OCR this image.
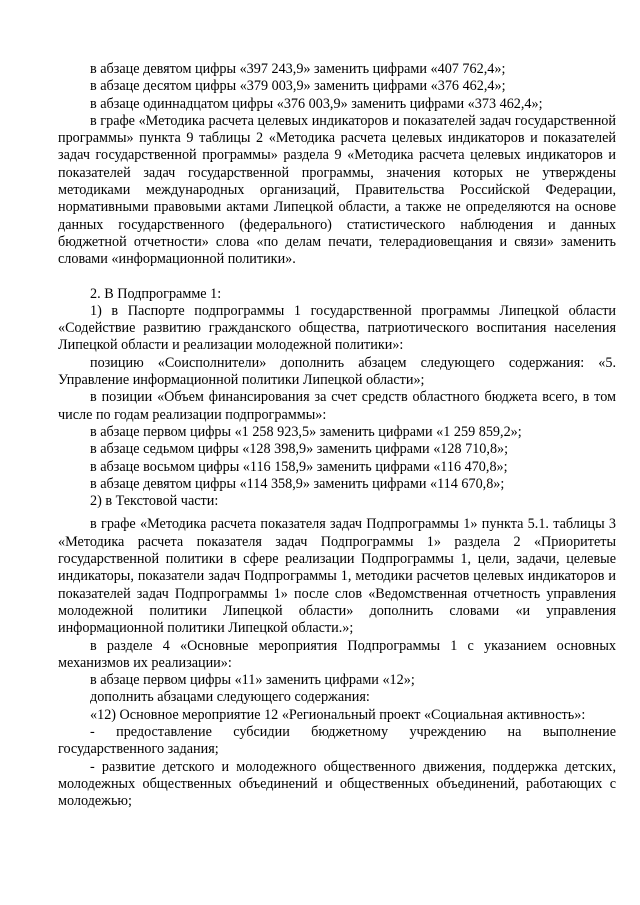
в абзаце девятом цифры «397 243,9» заменить цифрами «407 762,4»;
в абзаце десятом цифры «379 003,9» заменить цифрами «376 462,4»;
в абзаце одиннадцатом цифры «376 003,9» заменить цифрами «373 462,4»;
в графе «Методика расчета целевых индикаторов и показателей задач государственной программы» пункта 9 таблицы 2 «Методика расчета целевых индикаторов и показателей задач государственной программы» раздела 9 «Методика расчета целевых индикаторов и показателей задач государственной программы, значения которых не утверждены методиками международных организаций, Правительства Российской Федерации, нормативными правовыми актами Липецкой области, а также не определяются на основе данных государственного (федерального) статистического наблюдения и данных бюджетной отчетности» слова «по делам печати, телерадиовещания и связи» заменить словами «информационной политики».
2. В Подпрограмме 1:
1) в Паспорте подпрограммы 1 государственной программы Липецкой области «Содействие развитию гражданского общества, патриотического воспитания населения Липецкой области и реализации молодежной политики»:
позицию «Соисполнители» дополнить абзацем следующего содержания: «5. Управление информационной политики Липецкой области»;
в позиции «Объем финансирования за счет средств областного бюджета всего, в том числе по годам реализации подпрограммы»:
в абзаце первом цифры «1 258 923,5» заменить цифрами «1 259 859,2»;
в абзаце седьмом цифры «128 398,9» заменить цифрами «128 710,8»;
в абзаце восьмом цифры «116 158,9» заменить цифрами «116 470,8»;
в абзаце девятом цифры «114 358,9» заменить цифрами «114 670,8»;
2) в Текстовой части:
в графе «Методика расчета показателя задач Подпрограммы 1» пункта 5.1. таблицы 3 «Методика расчета показателя задач Подпрограммы 1» раздела 2 «Приоритеты государственной политики в сфере реализации Подпрограммы 1, цели, задачи, целевые индикаторы, показатели задач Подпрограммы 1, методики расчетов целевых индикаторов и показателей задач Подпрограммы 1» после слов «Ведомственная отчетность управления молодежной политики Липецкой области» дополнить словами «и управления информационной политики Липецкой области.»;
в разделе 4 «Основные мероприятия Подпрограммы 1 с указанием основных механизмов их реализации»:
в абзаце первом цифры «11» заменить цифрами «12»;
дополнить абзацами следующего содержания:
«12) Основное мероприятие 12 «Региональный проект «Социальная активность»:
- предоставление субсидии бюджетному учреждению на выполнение государственного задания;
- развитие детского и молодежного общественного движения, поддержка детских, молодежных общественных объединений и общественных объединений, работающих с молодежью;
